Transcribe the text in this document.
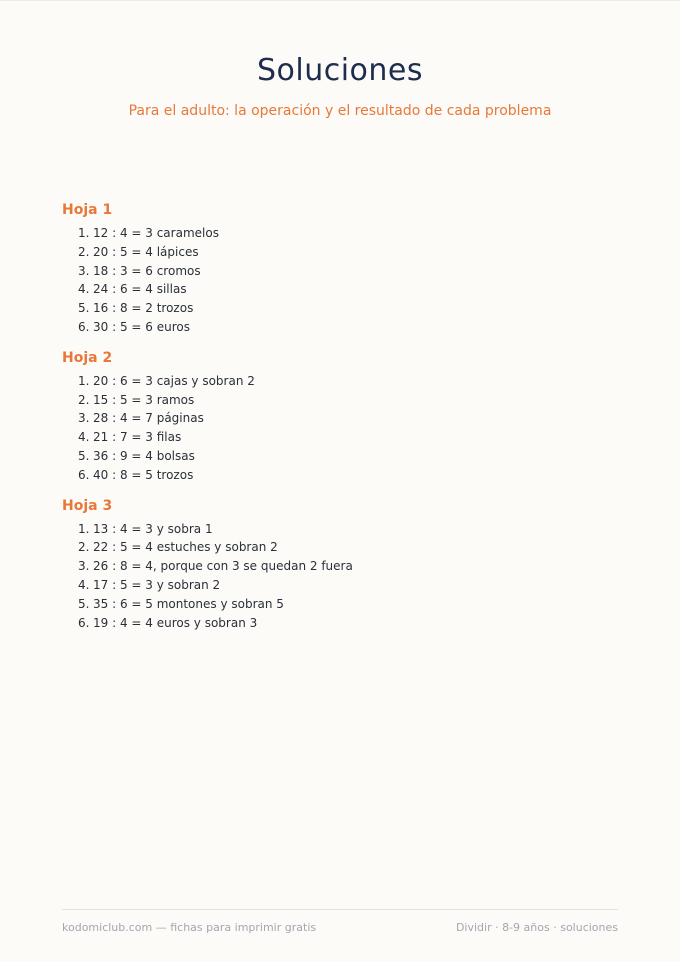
Soluciones

Para el adulto: la operación y el resultado de cada problema

Hoja 1
1. 12 : 4 = 3 caramelos
2. 20 : 5 = 4 lápices
3. 18 : 3 = 6 cromos
4. 24 : 6 = 4 sillas
5. 16 : 8 = 2 trozos
6. 30 : 5 = 6 euros
Hoja 2
1. 20 : 6 = 3 cajas y sobran 2
2. 15 : 5 = 3 ramos
3. 28 : 4 = 7 páginas
4. 21 : 7 = 3 filas
5. 36 : 9 = 4 bolsas
6. 40 : 8 = 5 trozos
Hoja 3
1. 13 : 4 = 3 y sobra 1
2. 22 : 5 = 4 estuches y sobran 2
3. 26 : 8 = 4, porque con 3 se quedan 2 fuera
4. 17 : 5 = 3 y sobran 2
5. 35 : 6 = 5 montones y sobran 5
6. 19 : 4 = 4 euros y sobran 3
kodomiclub.com — fichas para imprimir gratis	Dividir · 8-9 años · soluciones
